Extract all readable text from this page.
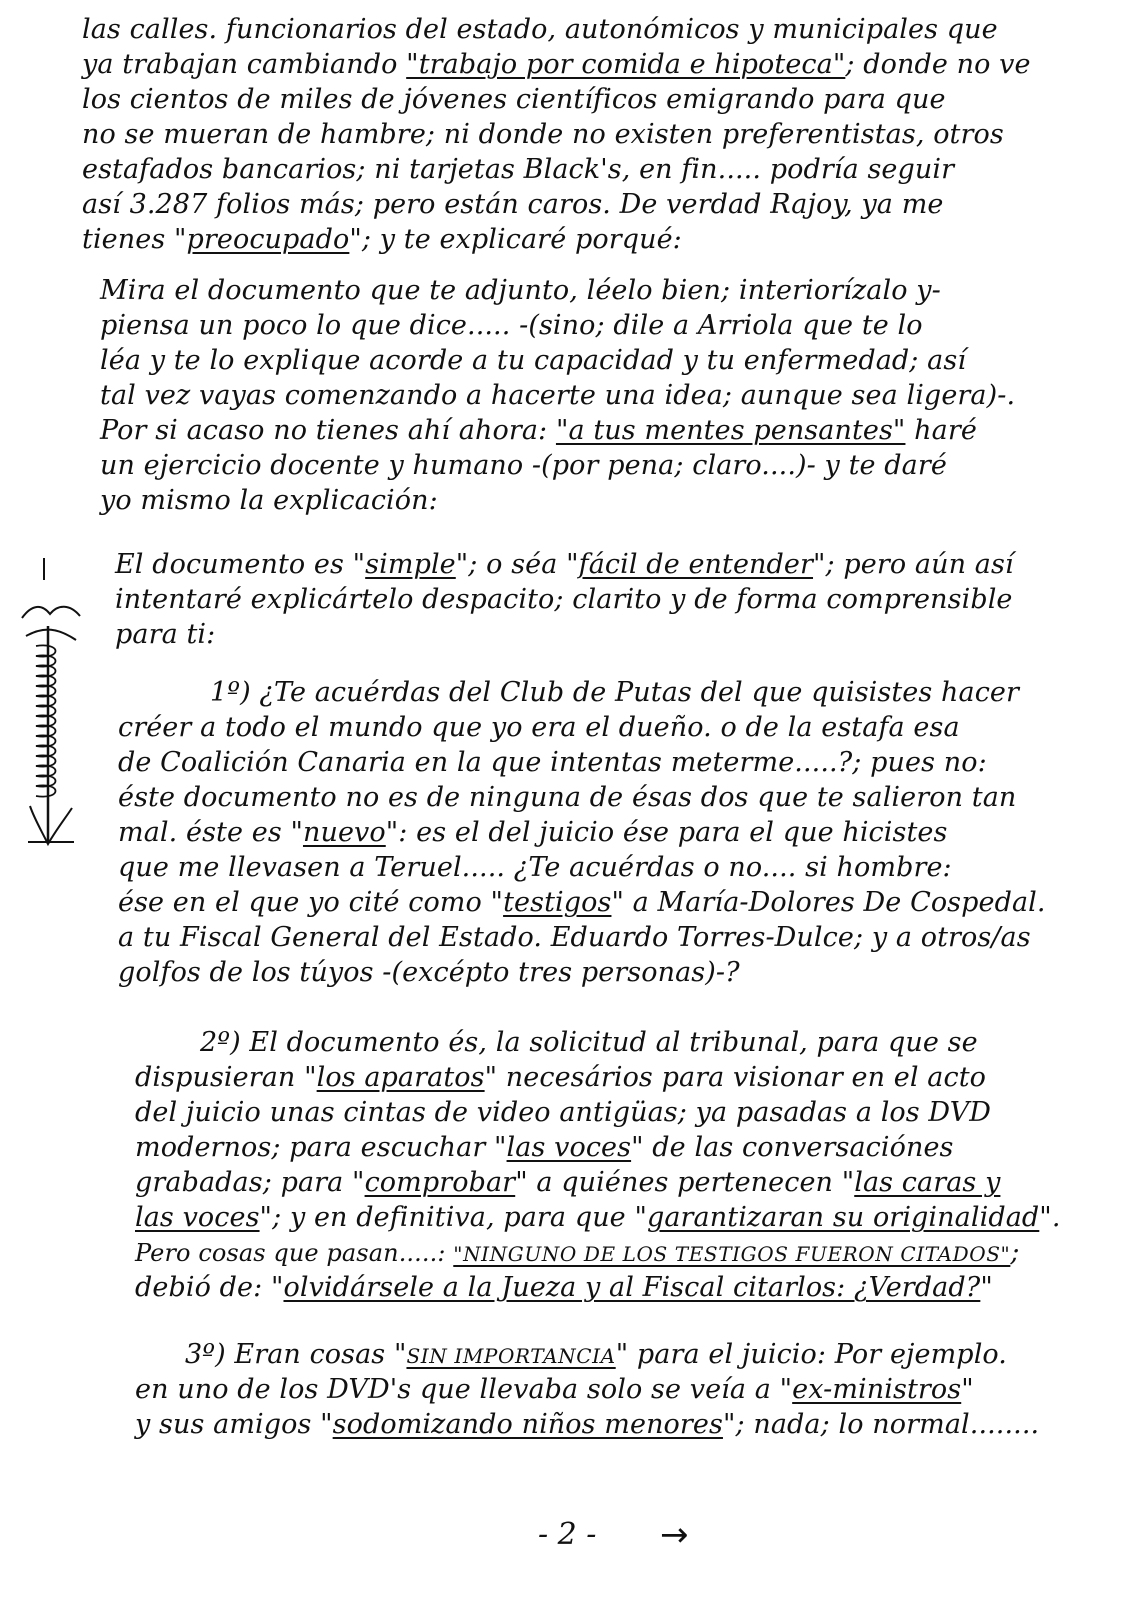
las calles. funcionarios del estado, autonómicos y municipales que
ya trabajan cambiando "trabajo por comida e hipoteca"; donde no ve
los cientos de miles de jóvenes científicos emigrando para que
no se mueran de hambre; ni donde no existen preferentistas, otros
estafados bancarios; ni tarjetas Black's, en fin..... podría seguir
así 3.287 folios más; pero están caros. De verdad Rajoy, ya me
tienes "preocupado"; y te explicaré porqué:
Mira el documento que te adjunto, léelo bien; interiorízalo y-
piensa un poco lo que dice..... -(sino; dile a Arriola que te lo
léa y te lo explique acorde a tu capacidad y tu enfermedad; así
tal vez vayas comenzando a hacerte una idea; aunque sea ligera)-.
Por si acaso no tienes ahí ahora: "a tus mentes pensantes" haré
un ejercicio docente y humano -(por pena; claro....)- y te daré
yo mismo la explicación:
El documento es "simple"; o séa "fácil de entender"; pero aún así
intentaré explicártelo despacito; clarito y de forma comprensible
para ti:
1º) ¿Te acuérdas del Club de Putas del que quisistes hacer
créer a todo el mundo que yo era el dueño. o de la estafa esa
de Coalición Canaria en la que intentas meterme.....?; pues no:
éste documento no es de ninguna de ésas dos que te salieron tan
mal. éste es "nuevo": es el del juicio ése para el que hicistes
que me llevasen a Teruel..... ¿Te acuérdas o no.... si hombre:
ése en el que yo cité como "testigos" a María-Dolores De Cospedal.
a tu Fiscal General del Estado. Eduardo Torres-Dulce; y a otros/as
golfos de los túyos -(excépto tres personas)-?
2º) El documento és, la solicitud al tribunal, para que se
dispusieran "los aparatos" necesários para visionar en el acto
del juicio unas cintas de video antigüas; ya pasadas a los DVD
modernos; para escuchar "las voces" de las conversaciónes
grabadas; para "comprobar" a quiénes pertenecen "las caras y
las voces"; y en definitiva, para que "garantizaran su originalidad".
Pero cosas que pasan.....: "NINGUNO DE LOS TESTIGOS FUERON CITADOS";
debió de: "olvidársele a la Jueza y al Fiscal citarlos: ¿Verdad?"
3º) Eran cosas "SIN IMPORTANCIA" para el juicio: Por ejemplo.
en uno de los DVD's que llevaba solo se veía a "ex-ministros"
y sus amigos "sodomizando niños menores"; nada; lo normal........
- 2 - →
